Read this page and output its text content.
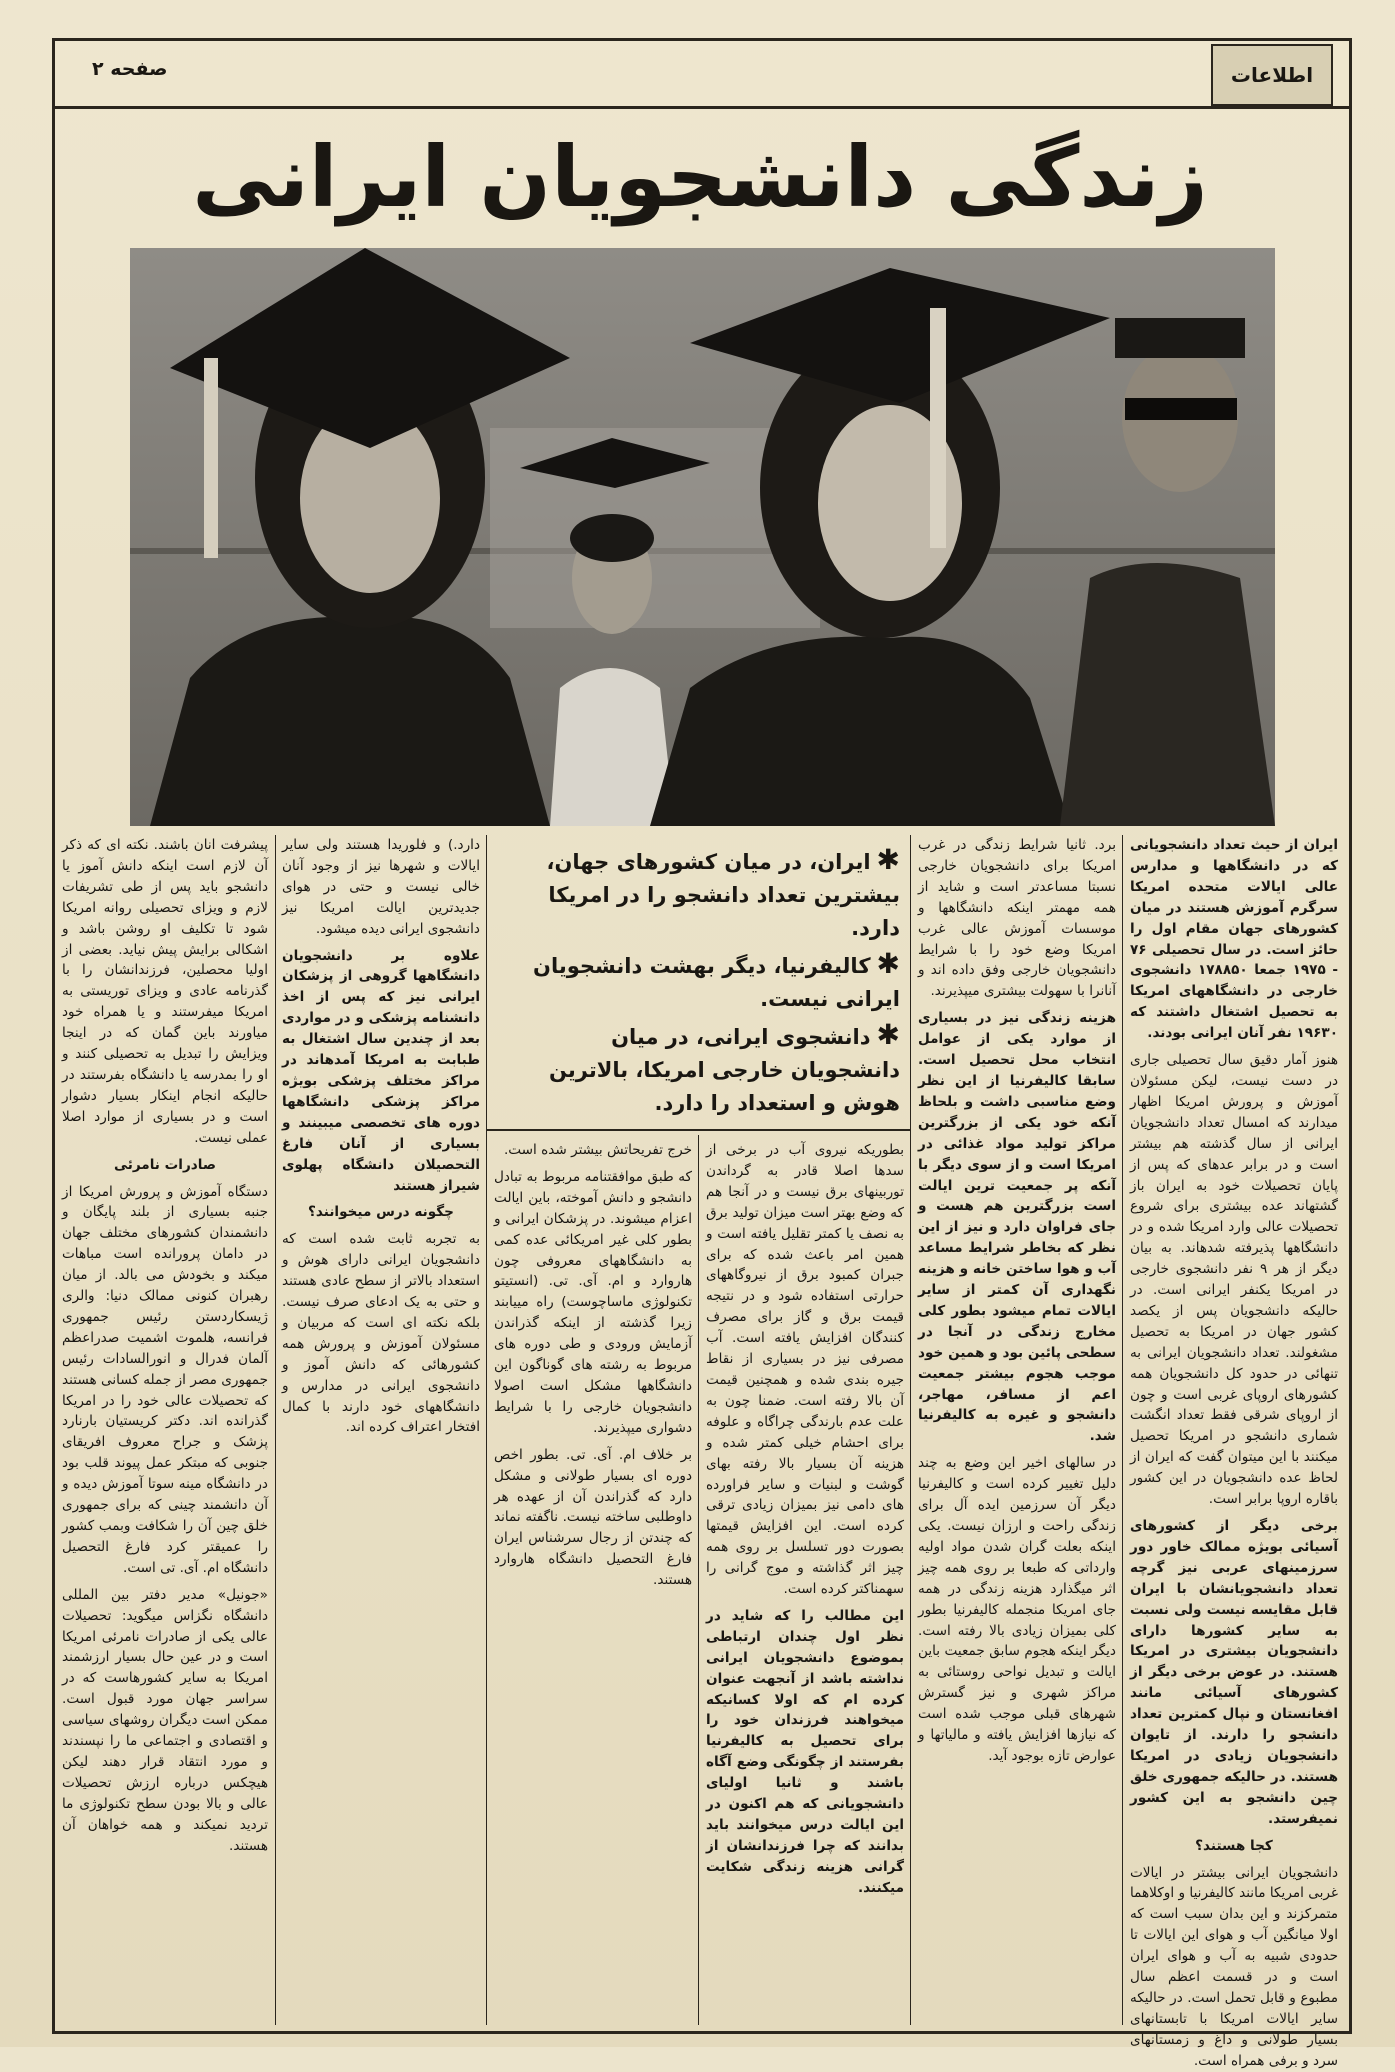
صفحه ۲	اطلاعات
زندگی دانشجویان ایرانی

✱ایران، در میان کشورهای جهان، بیشترین تعداد دانشجو را در امریکا دارد.

✱کالیفرنیا، دیگر بهشت دانشجویان ایرانی نیست.

✱دانشجوی ایرانی، در میان دانشجویان خارجی امریکا، بالاترین هوش و استعداد را دارد.

ایران از حیث تعداد دانشجویانی که در دانشگاهها و مدارس عالی ایالات متحده امریکا سرگرم آموزش هستند در میان کشورهای جهان مقام اول را حائز است. در سال تحصیلی ۷۶ - ۱۹۷۵ جمعا ۱۷۸۸۵۰ دانشجوی خارجی در دانشگاههای امریکا به تحصیل اشتغال داشتند که ۱۹۶۳۰ نفر آنان ایرانی بودند.

هنوز آمار دقیق سال تحصیلی جاری در دست نیست، لیکن مسئولان آموزش و پرورش امریکا اظهار میدارند که امسال تعداد دانشجویان ایرانی از سال گذشته هم بیشتر است و در برابر عدهای که پس از پایان تحصیلات خود به ایران باز گشتهاند عده بیشتری برای شروع تحصیلات عالی وارد امریکا شده و در دانشگاهها پذیرفته شدهاند. به بیان دیگر از هر ۹ نفر دانشجوی خارجی در امریکا یکنفر ایرانی است. در حالیکه دانشجویان پس از یکصد کشور جهان در امریکا به تحصیل مشغولند. تعداد دانشجویان ایرانی به تنهائی در حدود کل دانشجویان همه کشورهای اروپای غربی است و چون از اروپای شرقی فقط تعداد انگشت شماری دانشجو در امریکا تحصیل میکنند با این میتوان گفت که ایران از لحاظ عده دانشجویان در این کشور باقاره اروپا برابر است.

برخی دیگر از کشورهای آسیائی بویژه ممالک خاور دور سرزمینهای عربی نیز گرچه تعداد دانشجویانشان با ایران قابل مقایسه نیست ولی نسبت به سایر کشورها دارای دانشجویان بیشتری در امریکا هستند. در عوض برخی دیگر از کشورهای آسیائی مانند افغانستان و نپال کمترین تعداد دانشجو را دارند. از تایوان دانشجویان زیادی در امریکا هستند. در حالیکه جمهوری خلق چین دانشجو به این کشور نمیفرستد.

کجا هستند؟

دانشجویان ایرانی بیشتر در ایالات غربی امریکا مانند کالیفرنیا و اوکلاهما متمرکزند و این بدان سبب است که اولا میانگین آب و هوای این ایالات تا حدودی شبیه به آب و هوای ایران است و در قسمت اعظم سال مطبوع و قابل تحمل است. در حالیکه سایر ایالات امریکا با تابستانهای بسیار طولانی و داغ و زمستانهای سرد و برفی همراه است.

برد. ثانیا شرایط زندگی در غرب امریکا برای دانشجویان خارجی نسبتا مساعدتر است و شاید از همه مهمتر اینکه دانشگاهها و موسسات آموزش عالی غرب امریکا وضع خود را با شرایط دانشجویان خارجی وفق داده اند و آنانرا با سهولت بیشتری میپذیرند.

هزینه زندگی نیز در بسیاری از موارد یکی از عوامل انتخاب محل تحصیل است. سابقا کالیفرنیا از این نظر وضع مناسبی داشت و بلحاظ آنکه خود یکی از بزرگترین مراکز تولید مواد غذائی در امریکا است و از سوی دیگر با آنکه پر جمعیت ترین ایالت است بزرگترین هم هست و جای فراوان دارد و نیز از این نظر که بخاطر شرایط مساعد آب و هوا ساختن خانه و هزینه نگهداری آن کمتر از سایر ایالات تمام میشود بطور کلی مخارج زندگی در آنجا در سطحی پائین بود و همین خود موجب هجوم بیشتر جمعیت اعم از مسافر، مهاجر، دانشجو و غیره به کالیفرنیا شد.

در سالهای اخیر این وضع به چند دلیل تغییر کرده است و کالیفرنیا دیگر آن سرزمین ایده آل برای زندگی راحت و ارزان نیست. یکی اینکه بعلت گران شدن مواد اولیه وارداتی که طبعا بر روی همه چیز اثر میگذارد هزینه زندگی در همه جای امریکا منجمله کالیفرنیا بطور کلی بمیزان زیادی بالا رفته است. دیگر اینکه هجوم سابق جمعیت باین ایالت و تبدیل نواحی روستائی به مراکز شهری و نیز گسترش شهرهای قبلی موجب شده است که نیازها افزایش یافته و مالیاتها و عوارض تازه بوجود آید.

بطوریکه نیروی آب در برخی از سدها اصلا قادر به گرداندن توربینهای برق نیست و در آنجا هم که وضع بهتر است میزان تولید برق به نصف یا کمتر تقلیل یافته است و همین امر باعث شده که برای جبران کمبود برق از نیروگاههای حرارتی استفاده شود و در نتیجه قیمت برق و گاز برای مصرف کنندگان افزایش یافته است. آب مصرفی نیز در بسیاری از نقاط جیره بندی شده و همچنین قیمت آن بالا رفته است. ضمنا چون به علت عدم بارندگی چراگاه و علوفه برای احشام خیلی کمتر شده و هزینه آن بسیار بالا رفته بهای گوشت و لبنیات و سایر فراورده های دامی نیز بمیزان زیادی ترقی کرده است. این افزایش قیمتها بصورت دور تسلسل بر روی همه چیز اثر گذاشته و موج گرانی را سهمناکتر کرده است.

این مطالب را که شاید در نظر اول چندان ارتباطی بموضوع دانشجویان ایرانی نداشته باشد از آنجهت عنوان کرده ام که اولا کسانیکه میخواهند فرزندان خود را برای تحصیل به کالیفرنیا بفرستند از چگونگی وضع آگاه باشند و ثانیا اولیای دانشجویانی که هم اکنون در این ایالت درس میخوانند باید بدانند که چرا فرزندانشان از گرانی هزینه زندگی شکایت میکنند.

خرج تفریحاتش بیشتر شده است.

که طبق موافقتنامه مربوط به تبادل دانشجو و دانش آموخته، باین ایالت اعزام میشوند. در پزشکان ایرانی و بطور کلی غیر امریکائی عده کمی به دانشگاههای معروفی چون هاروارد و ام. آی. تی. (انستیتو تکنولوژی ماساچوست) راه مییابند زیرا گذشته از اینکه گذراندن آزمایش ورودی و طی دوره های مربوط به رشته های گوناگون این دانشگاهها مشکل است اصولا دانشجویان خارجی را با شرایط دشواری میپذیرند.

بر خلاف ام. آی. تی. بطور اخص دوره ای بسیار طولانی و مشکل دارد که گذراندن آن از عهده هر داوطلبی ساخته نیست. ناگفته نماند که چندتن از رجال سرشناس ایران فارغ التحصیل دانشگاه هاروارد هستند.

دارد.) و فلوریدا هستند ولی سایر ایالات و شهرها نیز از وجود آنان خالی نیست و حتی در هوای جدیدترین ایالت امریکا نیز دانشجوی ایرانی دیده میشود.

علاوه بر دانشجویان دانشگاهها گروهی از پزشکان ایرانی نیز که پس از اخذ دانشنامه پزشکی و در مواردی بعد از چندین سال اشتغال به طبابت به امریکا آمدهاند در مراکز مختلف پزشکی بویژه مراکز پزشکی دانشگاهها دوره های تخصصی میبینند و بسیاری از آنان فارغ التحصیلان دانشگاه پهلوی شیراز هستند

چگونه درس میخوانند؟

به تجربه ثابت شده است که دانشجویان ایرانی دارای هوش و استعداد بالاتر از سطح عادی هستند و حتی به یک ادعای صرف نیست. بلکه نکته ای است که مربیان و مسئولان آموزش و پرورش همه کشورهائی که دانش آموز و دانشجوی ایرانی در مدارس و دانشگاههای خود دارند با کمال افتخار اعتراف کرده اند.

پیشرفت انان باشند. نکته ای که ذکر آن لازم است اینکه دانش آموز یا دانشجو باید پس از طی تشریفات لازم و ویزای تحصیلی روانه امریکا شود تا تکلیف او روشن باشد و اشکالی برایش پیش نیاید. بعضی از اولیا محصلین، فرزندانشان را با گذرنامه عادی و ویزای توریستی به امریکا میفرستند و یا همراه خود میاورند باین گمان که در اینجا ویزایش را تبدیل به تحصیلی کنند و او را بمدرسه یا دانشگاه بفرستند در حالیکه انجام اینکار بسیار دشوار است و در بسیاری از موارد اصلا عملی نیست.

صادرات نامرئی

دستگاه آموزش و پرورش امریکا از جنبه بسیاری از بلند پایگان و دانشمندان کشورهای مختلف جهان در دامان پرورانده است مباهات میکند و بخودش می بالد. از میان رهبران کنونی ممالک دنیا: والری ژیسکاردستن رئیس جمهوری فرانسه، هلموت اشمیت صدراعظم آلمان فدرال و انورالسادات رئیس جمهوری مصر از جمله کسانی هستند که تحصیلات عالی خود را در امریکا گذرانده اند. دکتر کریستیان بارنارد پزشک و جراح معروف افریقای جنوبی که مبتکر عمل پیوند قلب بود در دانشگاه مینه سوتا آموزش دیده و آن دانشمند چینی که برای جمهوری خلق چین آن را شکافت وبمب کشور را عمیقتر کرد فارغ التحصیل دانشگاه ام. آی. تی است.

«جونیل» مدیر دفتر بین المللی دانشگاه نگزاس میگوید: تحصیلات عالی یکی از صادرات نامرئی امریکا است و در عین حال بسیار ارزشمند امریکا به سایر کشورهاست که در سراسر جهان مورد قبول است. ممکن است دیگران روشهای سیاسی و اقتصادی و اجتماعی ما را نپسندند و مورد انتقاد قرار دهند لیکن هیچکس درباره ارزش تحصیلات عالی و بالا بودن سطح تکنولوژی ما تردید نمیکند و همه خواهان آن هستند.
